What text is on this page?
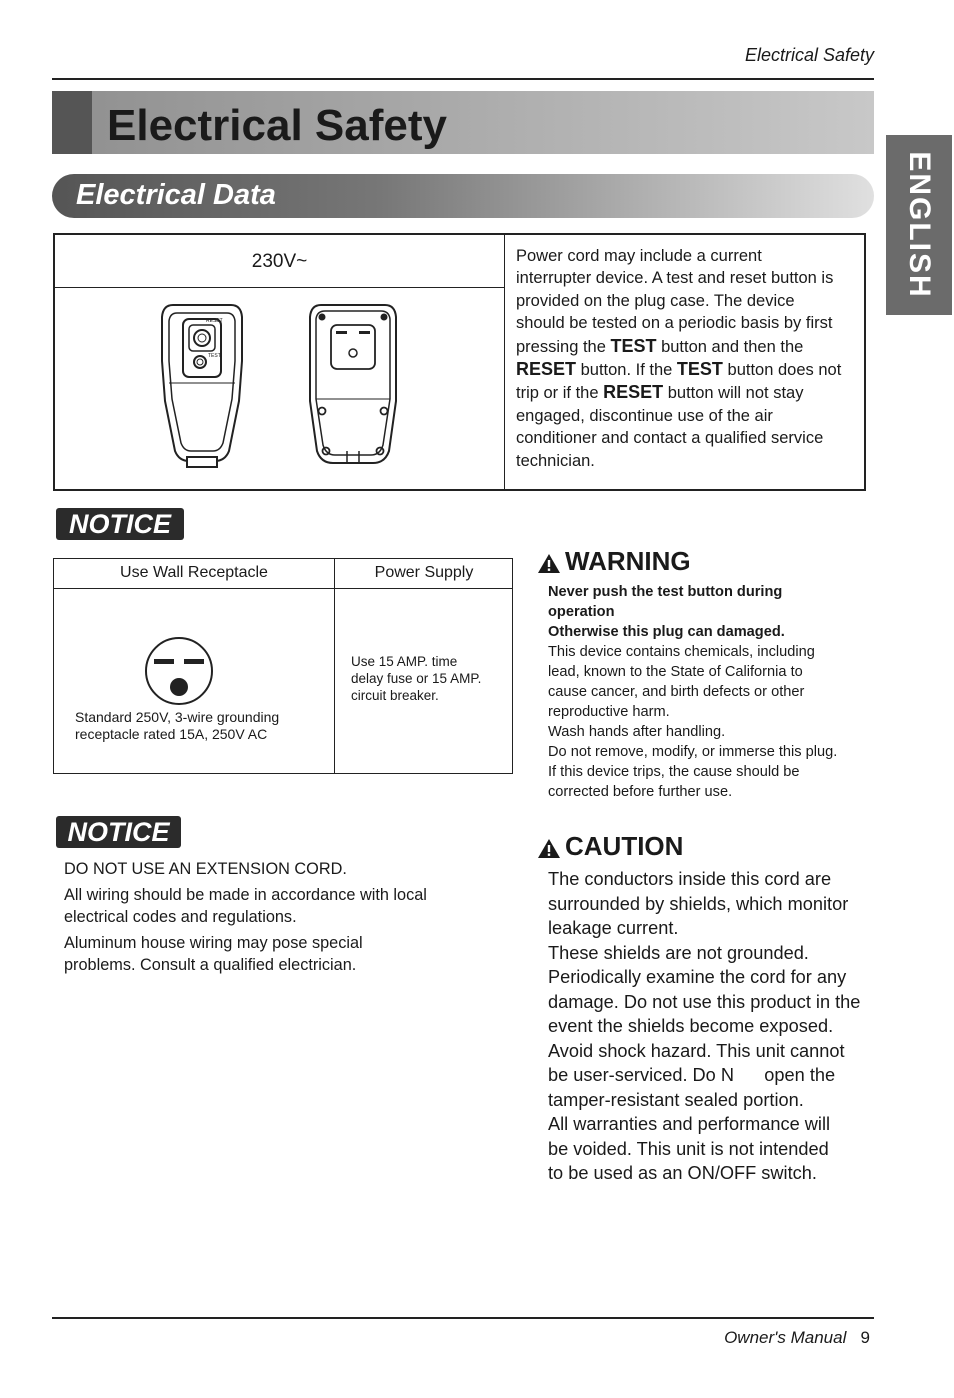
Electrical Safety
Electrical Safety
ENGLISH
Electrical Data
230V~
RESET
TEST
Power cord may include a current
interrupter device. A test and reset button is
provided on the plug case. The device
should be tested on a periodic basis by first
pressing the TEST button and then the
RESET button. If the TEST button does not
trip or if the RESET button will not stay
engaged, discontinue use of the air
conditioner and contact a qualified service
technician.
NOTICE
Use Wall Receptacle	Power Supply
Standard 250V, 3-wire grounding
receptacle rated 15A, 250V AC
Use 15 AMP. time
delay fuse or 15 AMP.
circuit breaker.
NOTICE
DO NOT USE AN EXTENSION CORD.
All wiring should be made in accordance with local
electrical codes and regulations.
Aluminum house wiring may pose special
problems. Consult a qualified electrician.
WARNING
Never push the test button during
operation
Otherwise this plug can damaged.
This device contains chemicals, including
lead, known to the State of California to
cause cancer, and birth defects or other
reproductive harm.
Wash hands after handling.
Do not remove, modify, or immerse this plug.
If this device trips, the cause should be
corrected before further use.
CAUTION
The conductors inside this cord are
surrounded by shields, which monitor
leakage current.
These shields are not grounded.
Periodically examine the cord for any
damage. Do not use this product in the
event the shields become exposed.
Avoid shock hazard. This unit cannot
be user-serviced. Do N      open the
tamper-resistant sealed portion.
All warranties and performance will
be voided. This unit is not intended
to be used as an ON/OFF switch.
Owner's Manual 9
